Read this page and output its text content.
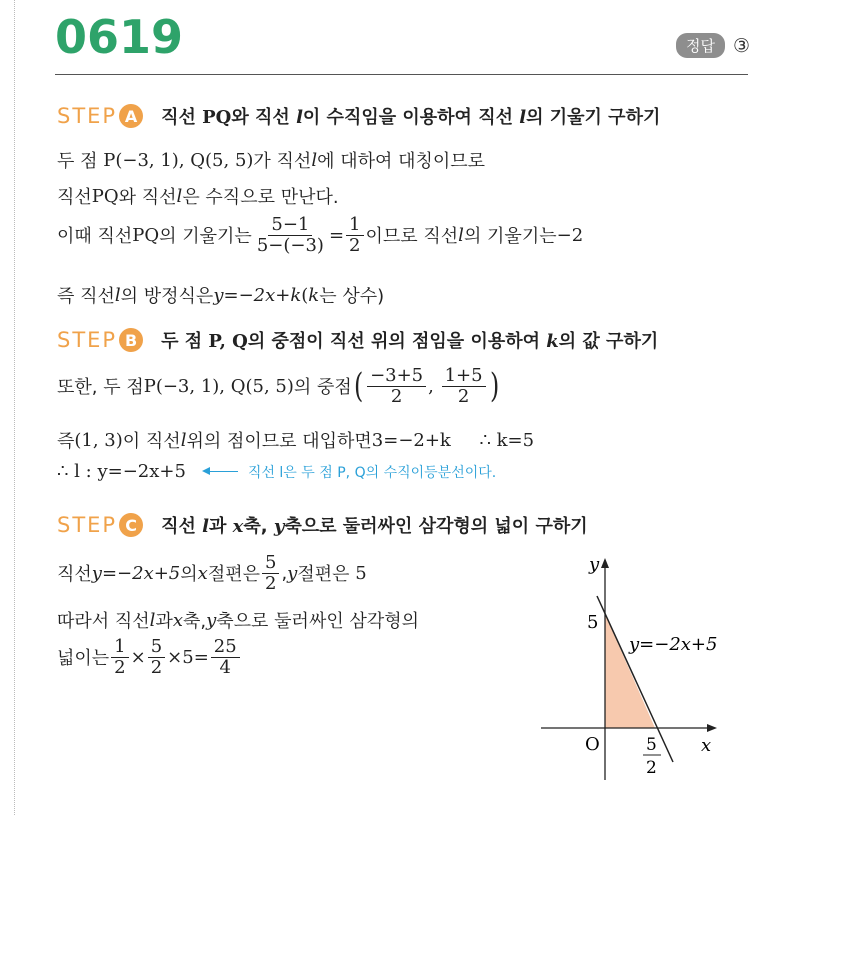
0619	정답 ③
STEP A	직선 PQ와 직선 l이 수직임을 이용하여 직선 l의 기울기 구하기
두 점
P(−3, 1), Q(5, 5) 가 직선 l 에 대하여 대칭이므로
직선 PQ 와 직선 l 은 수직으로 만난다.
이때 직선 PQ 의 기울기는 $\frac{5-1}{5-(-3)} = \frac{1}{2}$ 이므로 직선 l 의 기울기는 −2
즉 직선 l 의 방정식은 y=−2x+k ( k 는 상수)
STEP B	두 점 P, Q의 중점이 직선 위의 점임을 이용하여 k의 값 구하기
또한, 두 점 P(−3, 1), Q(5, 5) 의 중점 ( $\frac{-3+5}{2}$ ,
$\frac{1+5}{2}$ )
즉 (1, 3) 이 직선 l 위의 점이므로 대입하면 3=−2+k
∴ k=5
∴ l : y=−2x+5	직선 l은 두 점 P, Q의 수직이등분선이다.
STEP C	직선 l과 x축, y축으로 둘러싸인 삼각형의 넓이 구하기
직선 y=−2x+5 의 x 절편은 $\frac{5}{2}$ , y 절편은
5
따라서 직선 l 과 x 축, y 축으로 둘러싸인 삼각형의
넓이는 $\frac{1}{2} \times \frac{5}{2} \times 5= \frac{25}{4}$
y
x
O
5
5
2
y=−2x+5
